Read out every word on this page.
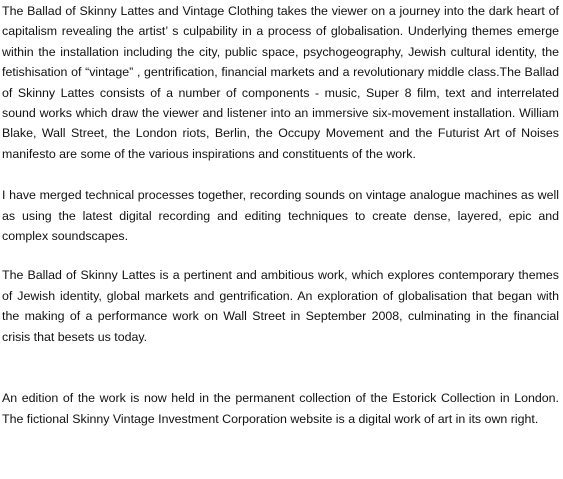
The Ballad of Skinny Lattes and Vintage Clothing takes the viewer on a journey into the dark heart of capitalism revealing the artist’ s culpability in a process of globalisation. Underlying themes emerge within the installation including the city, public space, psychogeography, Jewish cultural identity, the fetishisation of “vintage” , gentrification, financial markets and a revolutionary middle class.The Ballad of Skinny Lattes consists of a number of components - music, Super 8 film, text and interrelated sound works which draw the viewer and listener into an immersive six-movement installation. William Blake, Wall Street, the London riots, Berlin, the Occupy Movement and the Futurist Art of Noises manifesto are some of the various inspirations and constituents of the work.

I have merged technical processes together, recording sounds on vintage analogue machines as well as using the latest digital recording and editing techniques to create dense, layered, epic and complex soundscapes.

The Ballad of Skinny Lattes is a pertinent and ambitious work, which explores contemporary themes of Jewish identity, global markets and gentrification. An exploration of globalisation that began with the making of a performance work on Wall Street in September 2008, culminating in the financial crisis that besets us today.

An edition of the work is now held in the permanent collection of the Estorick Collection in London. The fictional Skinny Vintage Investment Corporation website is a digital work of art in its own right.
